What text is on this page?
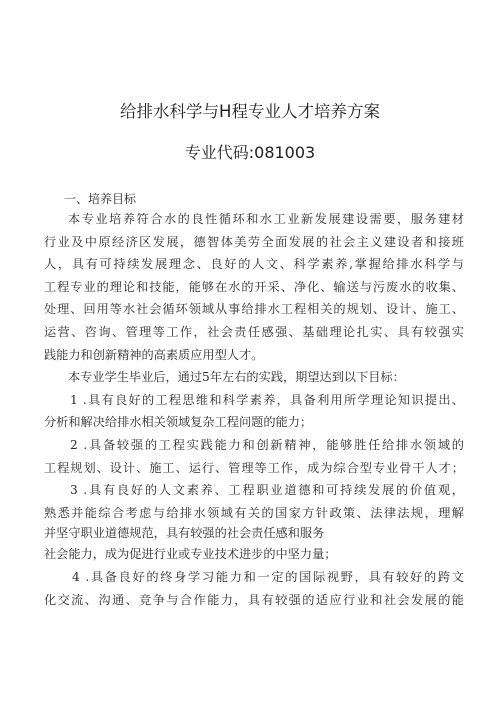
给排水科学与H程专业人才培养方案
专业代码:081003
一、培养目标
本专业培养符合水的良性循环和水工业新发展建设需要，服务建材
行业及中原经济区发展，德智体美劳全面发展的社会主义建设者和接班
人，具有可持续发展理念、良好的人文、科学素养,掌握给排水科学与
工程专业的理论和技能，能够在水的开采、净化、输送与污废水的收集、
处理、回用等水社会循环领域从事给排水工程相关的规划、设计、施工、
运营、咨询、管理等工作，社会责任感强、基础理论扎实、具有较强实
践能力和创新精神的高素质应用型人才。
本专业学生毕业后，通过5年左右的实践，期望达到以下目标：
1 .具有良好的工程思维和科学素养，具备利用所学理论知识提出、
分析和解决给排水相关领域复杂工程问题的能力；
2 .具备较强的工程实践能力和创新精神，能够胜任给排水领域的
工程规划、设计、施工、运行、管理等工作，成为综合型专业骨干人才；
3 .具有良好的人文素养、工程职业道德和可持续发展的价值观，
熟悉并能综合考虑与给排水领域有关的国家方针政策、法律法规，理解
并坚守职业道德规范，具有较强的社会责任感和服务
社会能力，成为促进行业或专业技术进步的中坚力量；
4 .具备良好的终身学习能力和一定的国际视野，具有较好的跨文
化交流、沟通、竞争与合作能力，具有较强的适应行业和社会发展的能
